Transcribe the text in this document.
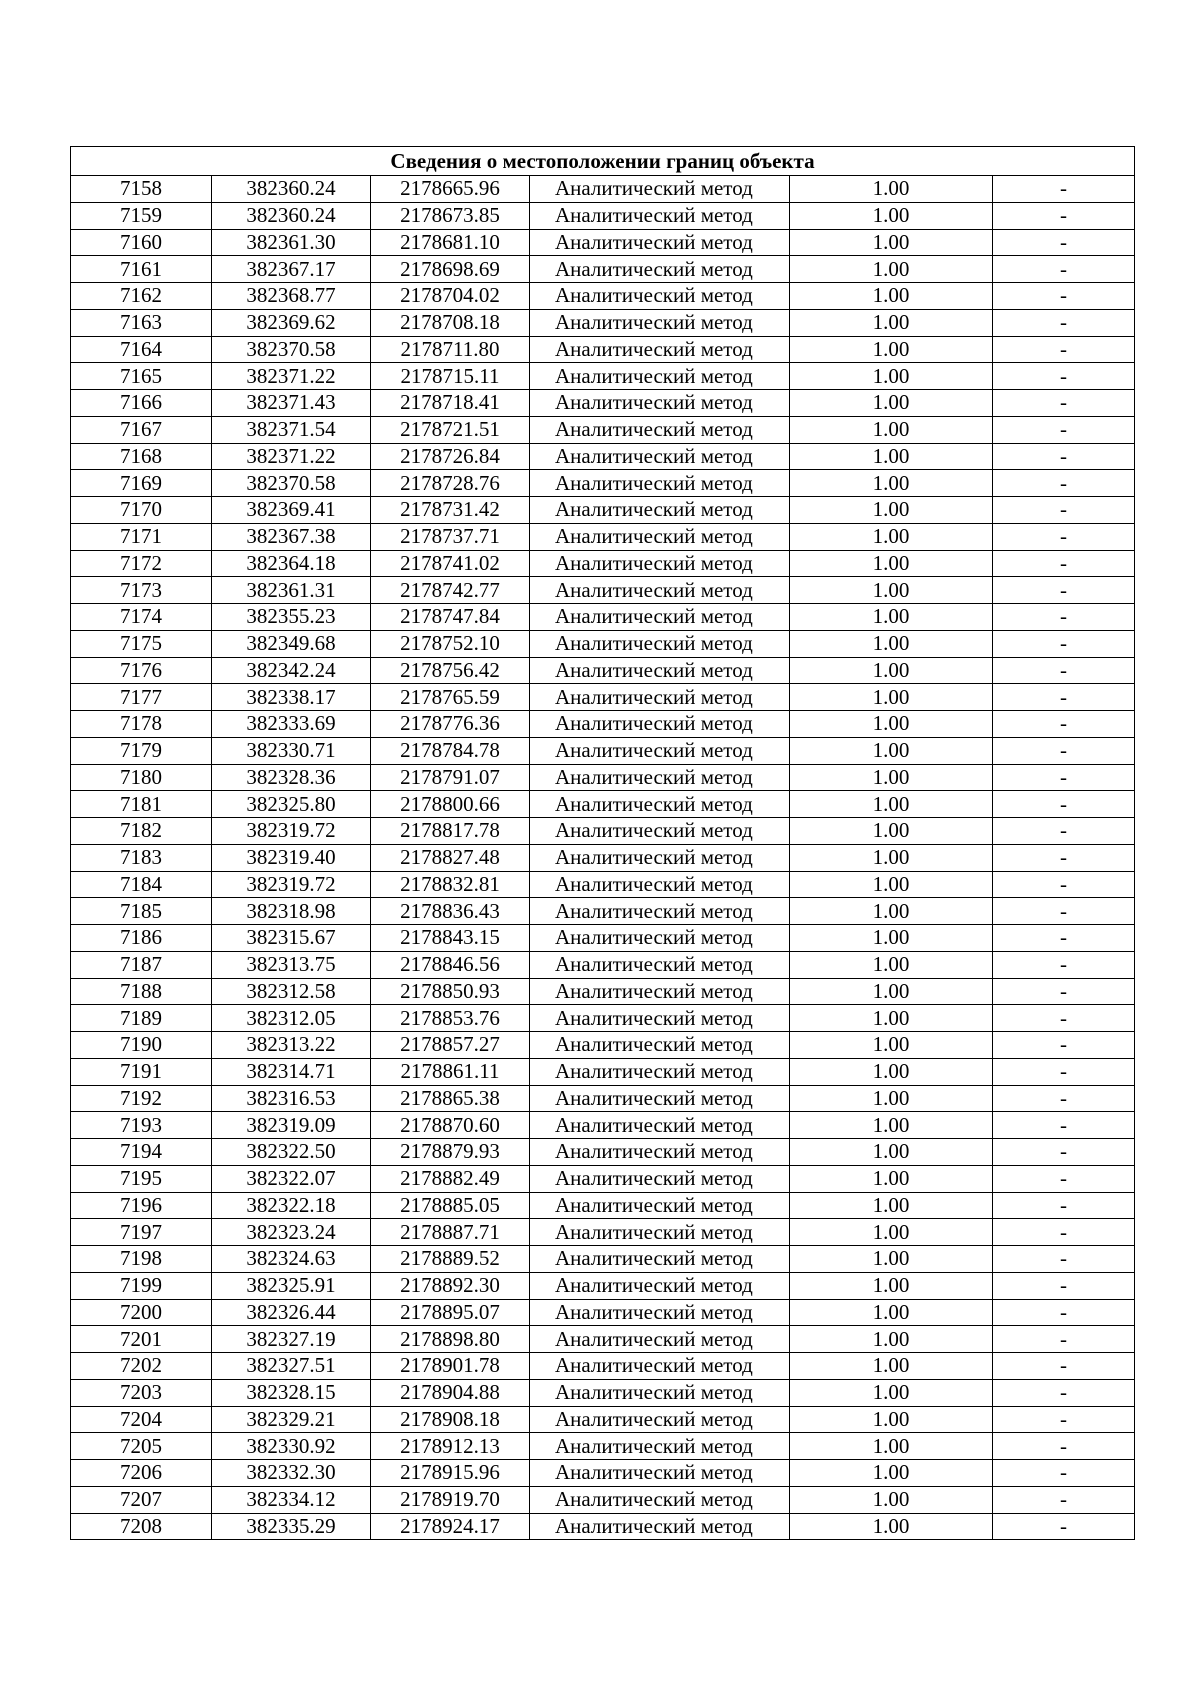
Сведения о местоположении границ объекта					
7158	382360.24	2178665.96	Аналитический метод	1.00	-
7159	382360.24	2178673.85	Аналитический метод	1.00	-
7160	382361.30	2178681.10	Аналитический метод	1.00	-
7161	382367.17	2178698.69	Аналитический метод	1.00	-
7162	382368.77	2178704.02	Аналитический метод	1.00	-
7163	382369.62	2178708.18	Аналитический метод	1.00	-
7164	382370.58	2178711.80	Аналитический метод	1.00	-
7165	382371.22	2178715.11	Аналитический метод	1.00	-
7166	382371.43	2178718.41	Аналитический метод	1.00	-
7167	382371.54	2178721.51	Аналитический метод	1.00	-
7168	382371.22	2178726.84	Аналитический метод	1.00	-
7169	382370.58	2178728.76	Аналитический метод	1.00	-
7170	382369.41	2178731.42	Аналитический метод	1.00	-
7171	382367.38	2178737.71	Аналитический метод	1.00	-
7172	382364.18	2178741.02	Аналитический метод	1.00	-
7173	382361.31	2178742.77	Аналитический метод	1.00	-
7174	382355.23	2178747.84	Аналитический метод	1.00	-
7175	382349.68	2178752.10	Аналитический метод	1.00	-
7176	382342.24	2178756.42	Аналитический метод	1.00	-
7177	382338.17	2178765.59	Аналитический метод	1.00	-
7178	382333.69	2178776.36	Аналитический метод	1.00	-
7179	382330.71	2178784.78	Аналитический метод	1.00	-
7180	382328.36	2178791.07	Аналитический метод	1.00	-
7181	382325.80	2178800.66	Аналитический метод	1.00	-
7182	382319.72	2178817.78	Аналитический метод	1.00	-
7183	382319.40	2178827.48	Аналитический метод	1.00	-
7184	382319.72	2178832.81	Аналитический метод	1.00	-
7185	382318.98	2178836.43	Аналитический метод	1.00	-
7186	382315.67	2178843.15	Аналитический метод	1.00	-
7187	382313.75	2178846.56	Аналитический метод	1.00	-
7188	382312.58	2178850.93	Аналитический метод	1.00	-
7189	382312.05	2178853.76	Аналитический метод	1.00	-
7190	382313.22	2178857.27	Аналитический метод	1.00	-
7191	382314.71	2178861.11	Аналитический метод	1.00	-
7192	382316.53	2178865.38	Аналитический метод	1.00	-
7193	382319.09	2178870.60	Аналитический метод	1.00	-
7194	382322.50	2178879.93	Аналитический метод	1.00	-
7195	382322.07	2178882.49	Аналитический метод	1.00	-
7196	382322.18	2178885.05	Аналитический метод	1.00	-
7197	382323.24	2178887.71	Аналитический метод	1.00	-
7198	382324.63	2178889.52	Аналитический метод	1.00	-
7199	382325.91	2178892.30	Аналитический метод	1.00	-
7200	382326.44	2178895.07	Аналитический метод	1.00	-
7201	382327.19	2178898.80	Аналитический метод	1.00	-
7202	382327.51	2178901.78	Аналитический метод	1.00	-
7203	382328.15	2178904.88	Аналитический метод	1.00	-
7204	382329.21	2178908.18	Аналитический метод	1.00	-
7205	382330.92	2178912.13	Аналитический метод	1.00	-
7206	382332.30	2178915.96	Аналитический метод	1.00	-
7207	382334.12	2178919.70	Аналитический метод	1.00	-
7208	382335.29	2178924.17	Аналитический метод	1.00	-
